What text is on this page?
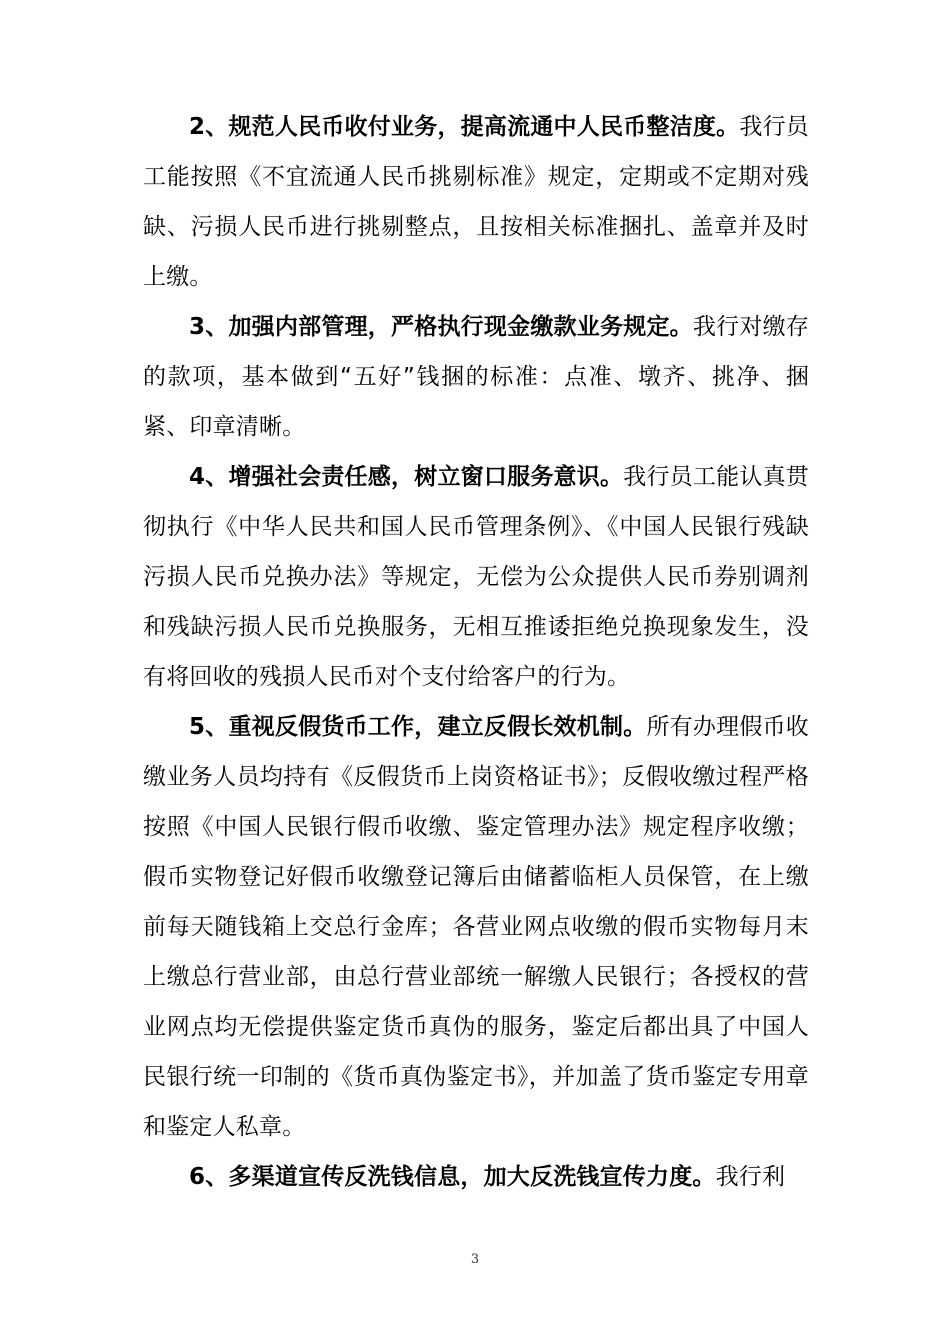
2、规范人民币收付业务，提高流通中人民币整洁度。我行员工能按照《不宜流通人民币挑剔标准》规定，定期或不定期对残缺、污损人民币进行挑剔整点，且按相关标准捆扎、盖章并及时上缴。

3、加强内部管理，严格执行现金缴款业务规定。我行对缴存的款项，基本做到“五好”钱捆的标准：点准、墩齐、挑净、捆紧、印章清晰。

4、增强社会责任感，树立窗口服务意识。我行员工能认真贯彻执行《中华人民共和国人民币管理条例》、《中国人民银行残缺污损人民币兑换办法》等规定，无偿为公众提供人民币券别调剂和残缺污损人民币兑换服务，无相互推诿拒绝兑换现象发生，没有将回收的残损人民币对个支付给客户的行为。

5、重视反假货币工作，建立反假长效机制。所有办理假币收缴业务人员均持有《反假货币上岗资格证书》；反假收缴过程严格按照《中国人民银行假币收缴、鉴定管理办法》规定程序收缴；假币实物登记好假币收缴登记簿后由储蓄临柜人员保管，在上缴前每天随钱箱上交总行金库；各营业网点收缴的假币实物每月末上缴总行营业部，由总行营业部统一解缴人民银行；各授权的营业网点均无偿提供鉴定货币真伪的服务，鉴定后都出具了中国人民银行统一印制的《货币真伪鉴定书》，并加盖了货币鉴定专用章和鉴定人私章。

6、多渠道宣传反洗钱信息，加大反洗钱宣传力度。我行利

3
